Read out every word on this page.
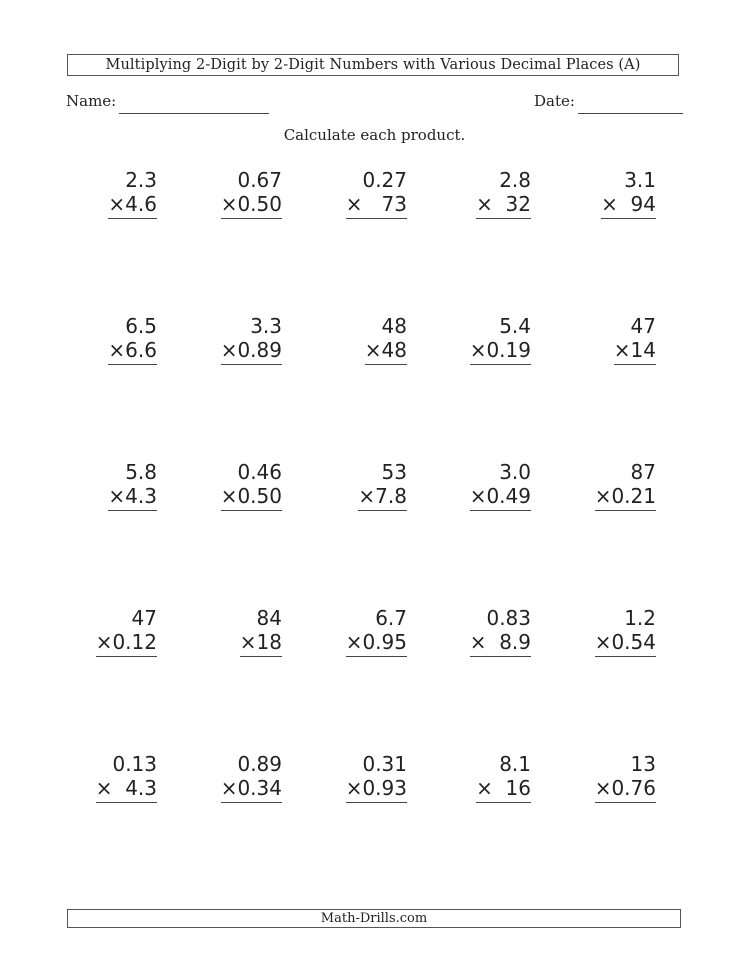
Multiplying 2-Digit by 2-Digit Numbers with Various Decimal Places (A)
Name:	Date:
Calculate each product.
2.3
×4.6
0.67
×0.50
0.27
×   73
2.8
×  32
3.1
×  94
6.5
×6.6
3.3
×0.89
48
×48
5.4
×0.19
47
×14
5.8
×4.3
0.46
×0.50
53
×7.8
3.0
×0.49
87
×0.21
47
×0.12
84
×18
6.7
×0.95
0.83
×  8.9
1.2
×0.54
0.13
×  4.3
0.89
×0.34
0.31
×0.93
8.1
×  16
13
×0.76
Math-Drills.com
